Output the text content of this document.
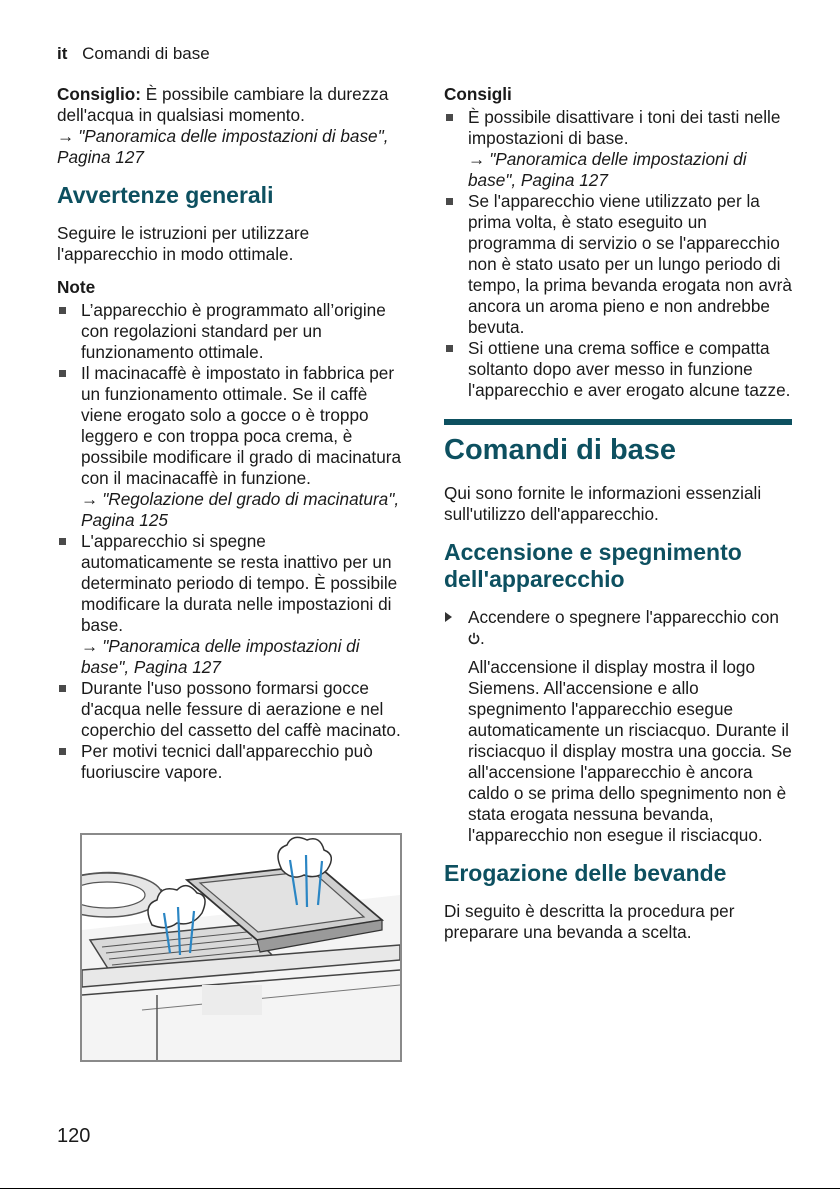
it Comandi di base

Consiglio: È possibile cambiare la durezza dell'acqua in qualsiasi momento.
→ "Panoramica delle impostazioni di base", Pagina 127

Avvertenze generali

Seguire le istruzioni per utilizzare l'apparecchio in modo ottimale.

Note
L’apparecchio è programmato all’origine con regolazioni standard per un funzionamento ottimale.
Il macinacaffè è impostato in fabbrica per un funzionamento ottimale. Se il caffè viene erogato solo a gocce o è troppo leggero e con troppa poca crema, è possibile modificare il grado di macinatura con il macinacaffè in funzione.
→ "Regolazione del grado di macinatura", Pagina 125
L'apparecchio si spegne automaticamente se resta inattivo per un determinato periodo di tempo. È possibile modificare la durata nelle impostazioni di base.
→ "Panoramica delle impostazioni di base", Pagina 127
Durante l'uso possono formarsi gocce d'acqua nelle fessure di aerazione e nel coperchio del cassetto del caffè macinato.
Per motivi tecnici dall'apparecchio può fuoriuscire vapore.
Consigli
È possibile disattivare i toni dei tasti nelle impostazioni di base.
→ "Panoramica delle impostazioni di base", Pagina 127
Se l'apparecchio viene utilizzato per la prima volta, è stato eseguito un programma di servizio o se l'apparecchio non è stato usato per un lungo periodo di tempo, la prima bevanda erogata non avrà ancora un aroma pieno e non andrebbe bevuta.
Si ottiene una crema soffice e compatta soltanto dopo aver messo in funzione l'apparecchio e aver erogato alcune tazze.
Comandi di base

Qui sono fornite le informazioni essenziali sull'utilizzo dell'apparecchio.

Accensione e spegnimento dell'apparecchio
Accendere o spegnere l'apparecchio con .

All'accensione il display mostra il logo Siemens. All'accensione e allo spegnimento l'apparecchio esegue automaticamente un risciacquo. Durante il risciacquo il display mostra una goccia. Se all'accensione l'apparecchio è ancora caldo o se prima dello spegnimento non è stata erogata nessuna bevanda, l'apparecchio non esegue il risciacquo.

Erogazione delle bevande

Di seguito è descritta la procedura per preparare una bevanda a scelta.

120
